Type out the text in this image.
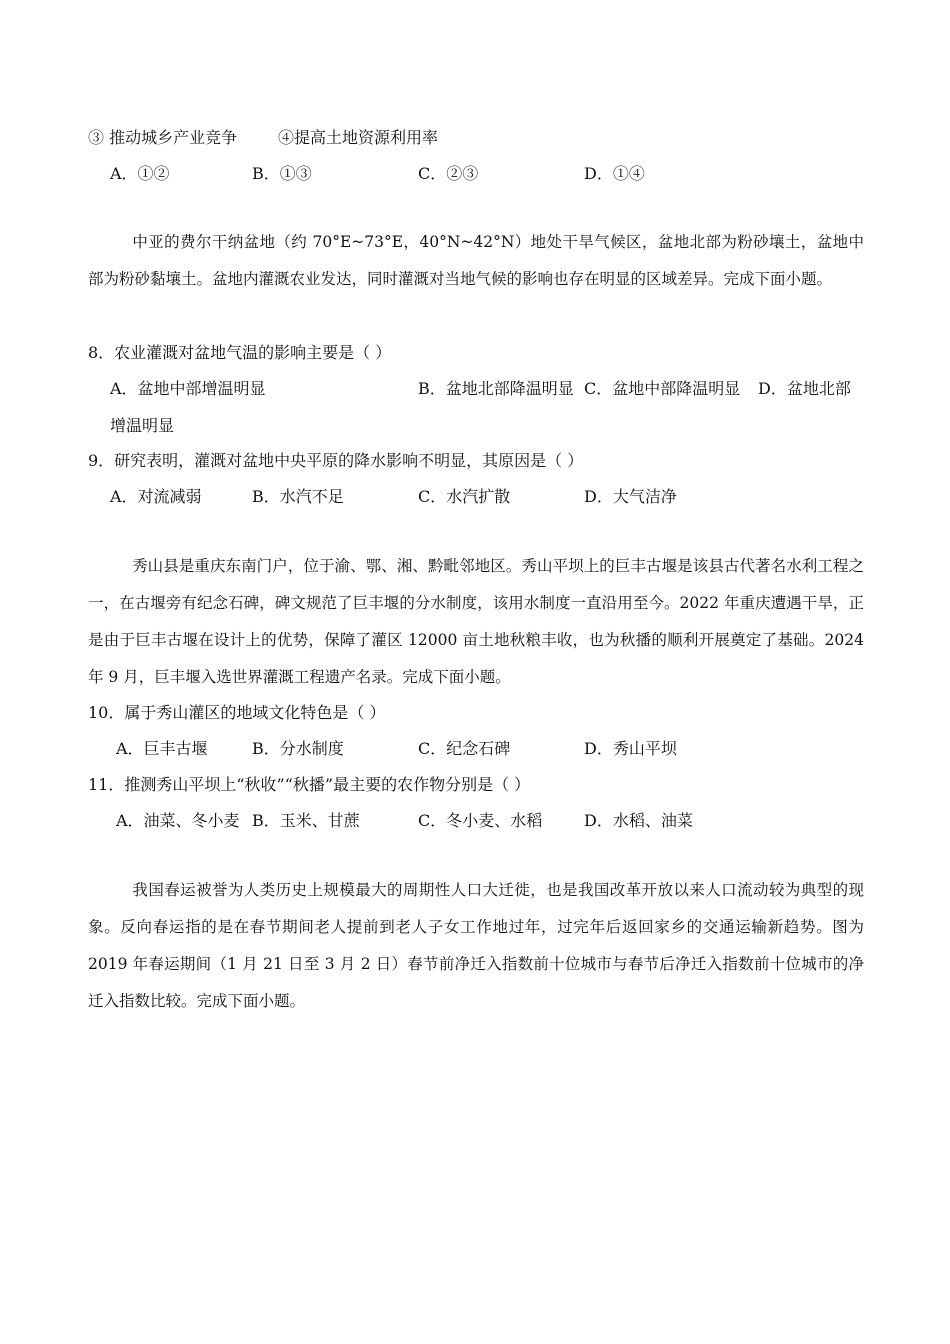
③ 推动城乡产业竞争	④提高土地资源利用率
A．①②	B．①③	C．②③	D．①④
中亚的费尔干纳盆地（约 70°E~73°E，40°N~42°N）地处干旱气候区，盆地北部为粉砂壤土，盆地中部为粉砂黏壤土。盆地内灌溉农业发达，同时灌溉对当地气候的影响也存在明显的区域差异。完成下面小题。
8．农业灌溉对盆地气温的影响主要是（ ）
A．盆地中部增温明显	B．盆地北部降温明显 C．盆地中部降温明显 D．盆地北部
增温明显
9．研究表明，灌溉对盆地中央平原的降水影响不明显，其原因是（ ）
A．对流减弱	B．水汽不足	C．水汽扩散	D．大气洁净
秀山县是重庆东南门户，位于渝、鄂、湘、黔毗邻地区。秀山平坝上的巨丰古堰是该县古代著名水利工程之一，在古堰旁有纪念石碑，碑文规范了巨丰堰的分水制度，该用水制度一直沿用至今。2022 年重庆遭遇干旱，正是由于巨丰古堰在设计上的优势，保障了灌区 12000 亩土地秋粮丰收，也为秋播的顺利开展奠定了基础。2024 年 9 月，巨丰堰入选世界灌溉工程遗产名录。完成下面小题。
10．属于秀山灌区的地域文化特色是（ ）
A．巨丰古堰	B．分水制度	C．纪念石碑	D．秀山平坝
11．推测秀山平坝上“秋收”“秋播”最主要的农作物分别是（ ）
A．油菜、冬小麦 B．玉米、甘蔗	C．冬小麦、水稻	D．水稻、油菜
我国春运被誉为人类历史上规模最大的周期性人口大迁徙，也是我国改革开放以来人口流动较为典型的现象。反向春运指的是在春节期间老人提前到老人子女工作地过年，过完年后返回家乡的交通运输新趋势。图为 2019 年春运期间（1 月 21 日至 3 月 2 日）春节前净迁入指数前十位城市与春节后净迁入指数前十位城市的净迁入指数比较。完成下面小题。
